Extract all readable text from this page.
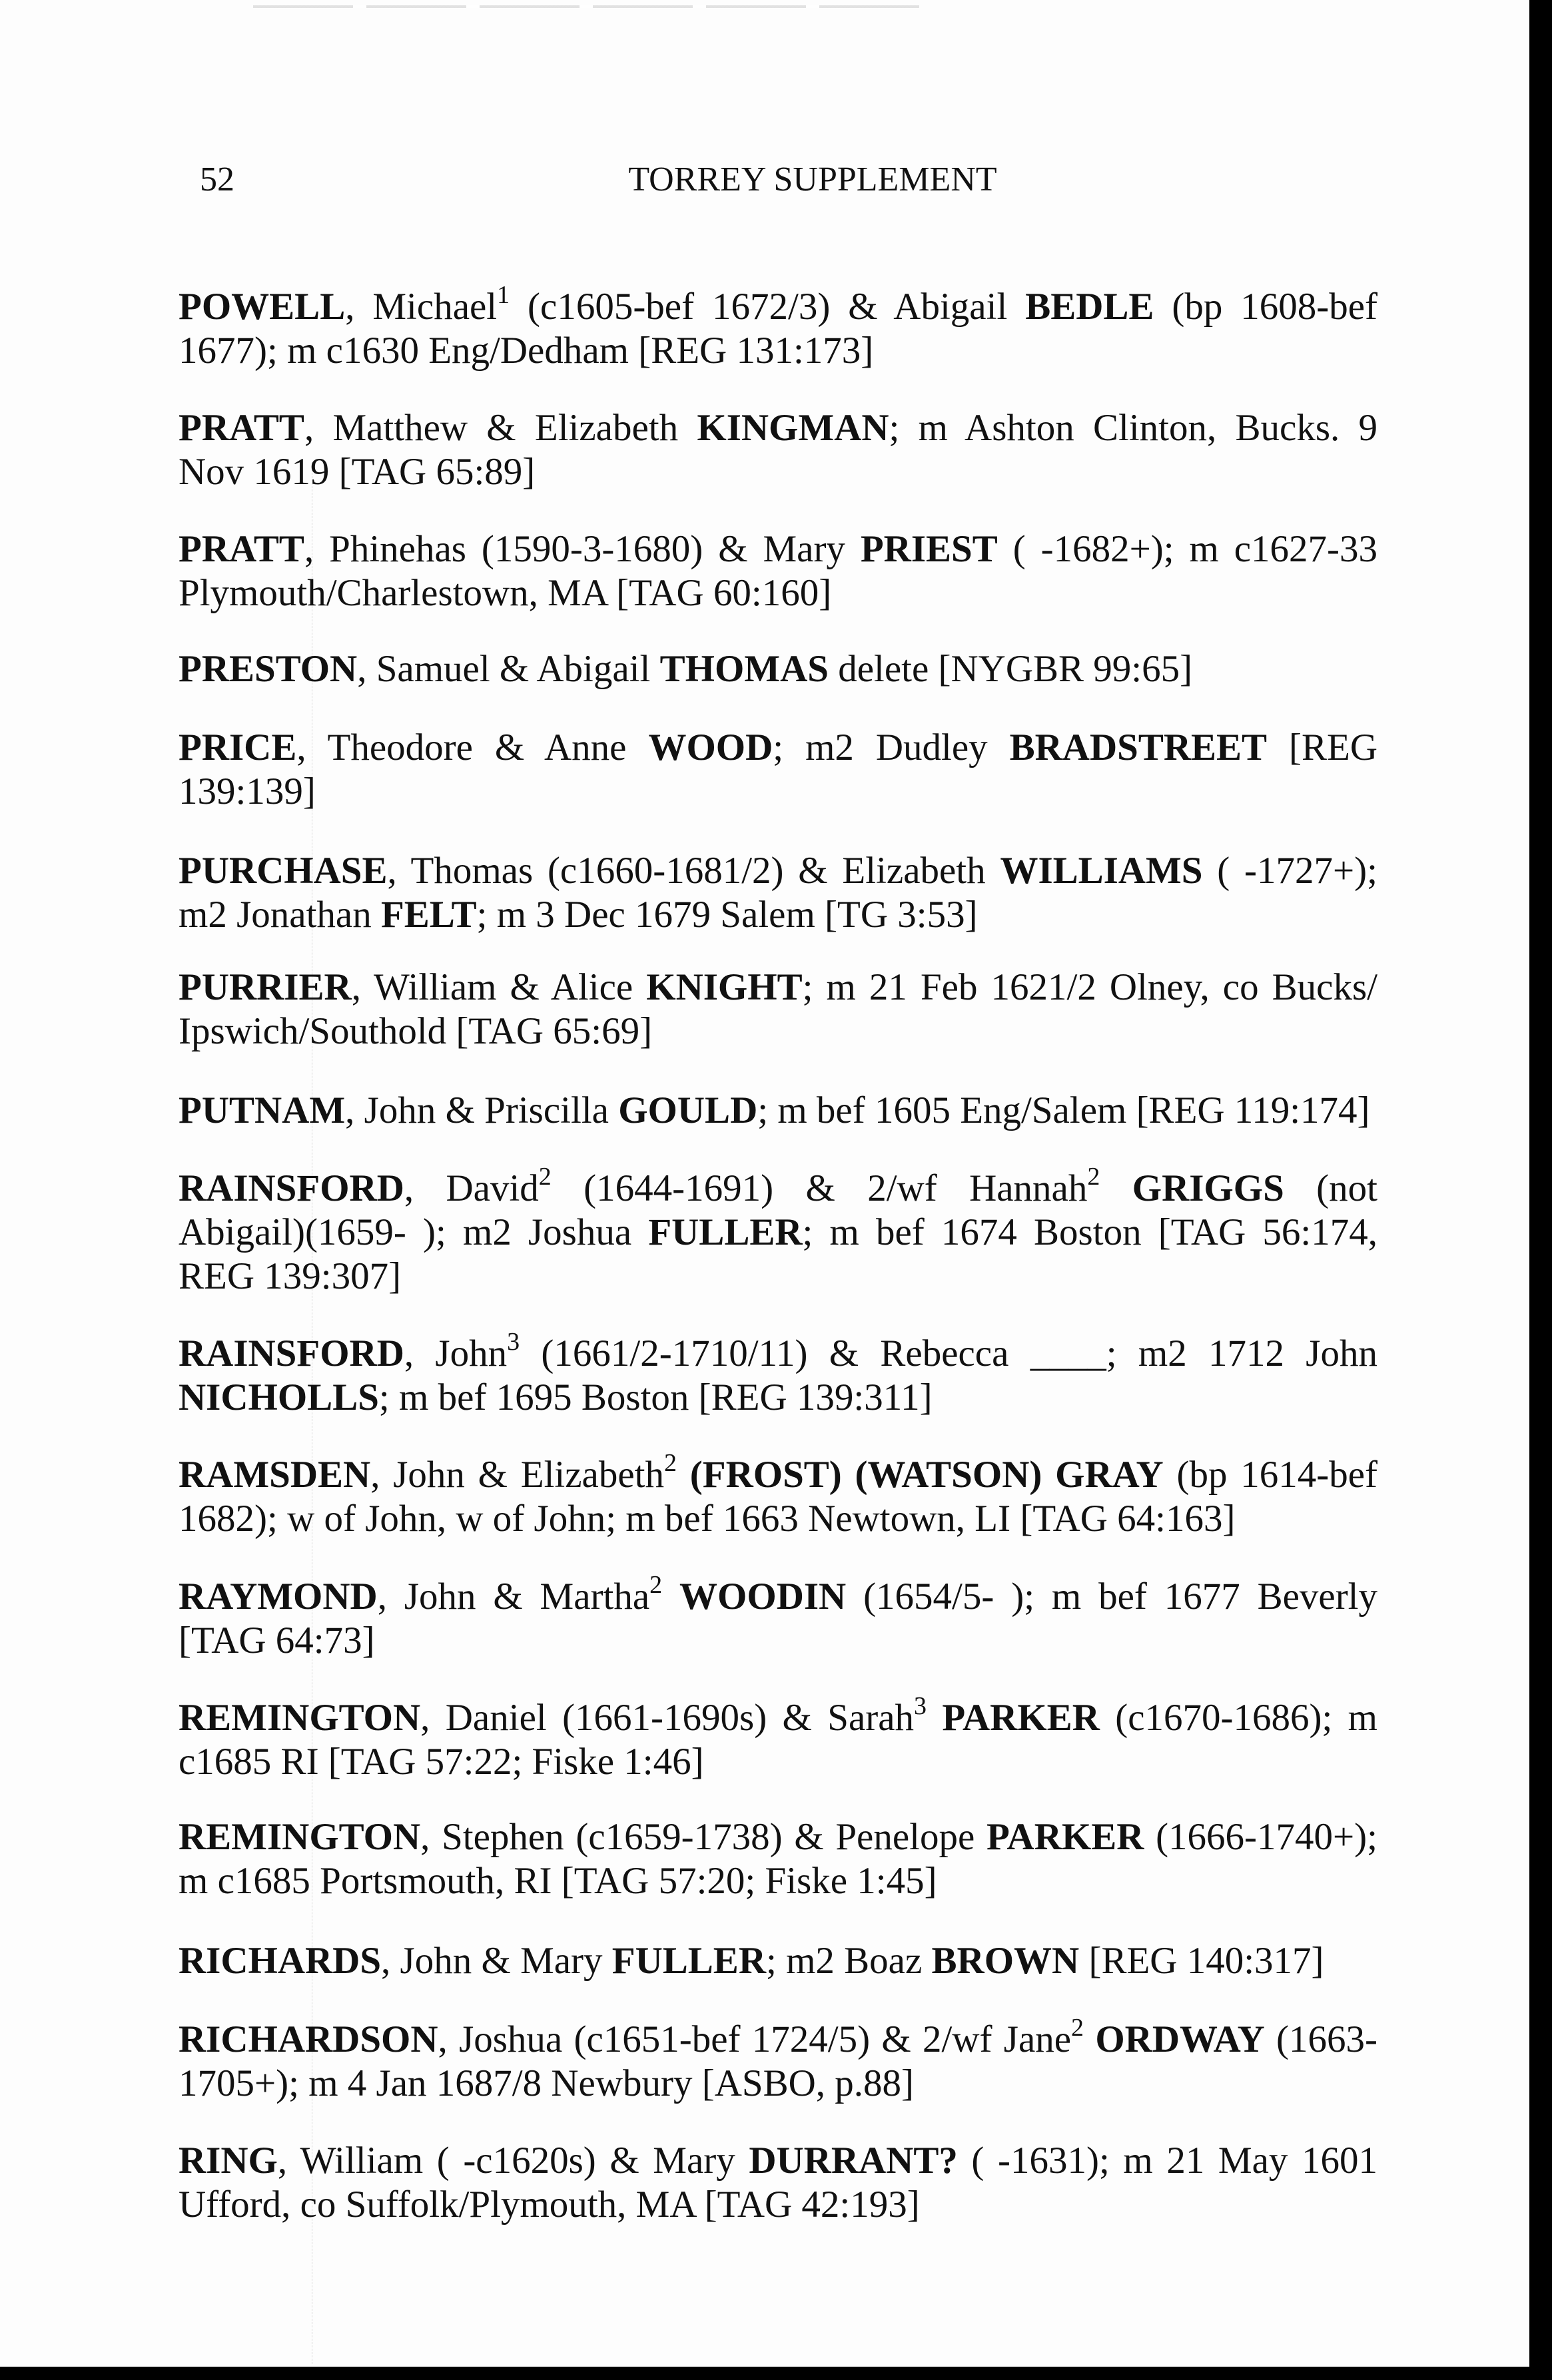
52	TORREY SUPPLEMENT
POWELL, Michael$^1$ (c1605-bef 1672/3) & Abigail BEDLE (bp 1608-bef
1677); m c1630 Eng/Dedham [REG 131:173]
PRATT, Matthew & Elizabeth KINGMAN; m Ashton Clinton, Bucks. 9
Nov 1619 [TAG 65:89]
PRATT, Phinehas (1590-3-1680) & Mary PRIEST ( -1682+); m c1627-33
Plymouth/Charlestown, MA [TAG 60:160]
PRESTON, Samuel & Abigail THOMAS delete [NYGBR 99:65]
PRICE, Theodore & Anne WOOD; m2 Dudley BRADSTREET [REG
139:139]
PURCHASE, Thomas (c1660-1681/2) & Elizabeth WILLIAMS ( -1727+);
m2 Jonathan FELT; m 3 Dec 1679 Salem [TG 3:53]
PURRIER, William & Alice KNIGHT; m 21 Feb 1621/2 Olney, co Bucks/
Ipswich/Southold [TAG 65:69]
PUTNAM, John & Priscilla GOULD; m bef 1605 Eng/Salem [REG 119:174]
RAINSFORD, David$^2$ (1644-1691) & 2/wf Hannah$^2$ GRIGGS (not
Abigail)(1659- ); m2 Joshua FULLER; m bef 1674 Boston [TAG 56:174,
REG 139:307]
RAINSFORD, John$^3$ (1661/2-1710/11) & Rebecca ____; m2 1712 John
NICHOLLS; m bef 1695 Boston [REG 139:311]
RAMSDEN, John & Elizabeth$^2$ (FROST) (WATSON) GRAY (bp 1614-bef
1682); w of John, w of John; m bef 1663 Newtown, LI [TAG 64:163]
RAYMOND, John & Martha$^2$ WOODIN (1654/5- ); m bef 1677 Beverly
[TAG 64:73]
REMINGTON, Daniel (1661-1690s) & Sarah$^3$ PARKER (c1670-1686); m
c1685 RI [TAG 57:22; Fiske 1:46]
REMINGTON, Stephen (c1659-1738) & Penelope PARKER (1666-1740+);
m c1685 Portsmouth, RI [TAG 57:20; Fiske 1:45]
RICHARDS, John & Mary FULLER; m2 Boaz BROWN [REG 140:317]
RICHARDSON, Joshua (c1651-bef 1724/5) & 2/wf Jane$^2$ ORDWAY (1663-
1705+); m 4 Jan 1687/8 Newbury [ASBO, p.88]
RING, William ( -c1620s) & Mary DURRANT? ( -1631); m 21 May 1601
Ufford, co Suffolk/Plymouth, MA [TAG 42:193]
